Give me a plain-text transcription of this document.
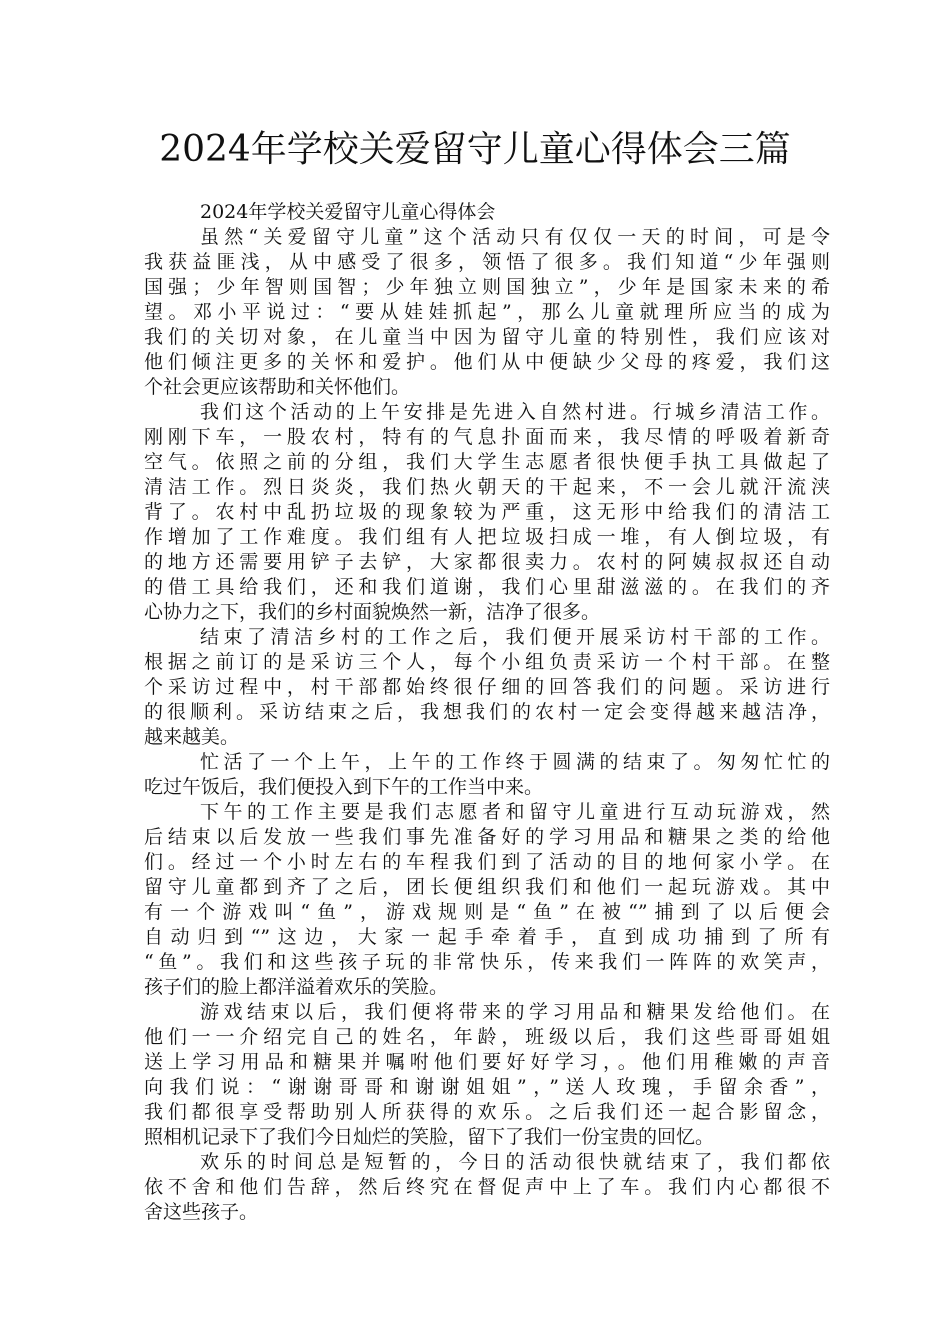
2024年学校关爱留守儿童心得体会三篇

2024年学校关爱留守儿童心得体会

虽然“关爱留守儿童”这个活动只有仅仅一天的时间，可是令
我获益匪浅，从中感受了很多，领悟了很多。我们知道“少年强则
国强；少年智则国智；少年独立则国独立”，少年是国家未来的希
望。邓小平说过：“要从娃娃抓起”，那么儿童就理所应当的成为
我们的关切对象，在儿童当中因为留守儿童的特别性，我们应该对
他们倾注更多的关怀和爱护。他们从中便缺少父母的疼爱，我们这
个社会更应该帮助和关怀他们。

我们这个活动的上午安排是先进入自然村进。行城乡清洁工作。
刚刚下车，一股农村，特有的气息扑面而来，我尽情的呼吸着新奇
空气。依照之前的分组，我们大学生志愿者很快便手执工具做起了
清洁工作。烈日炎炎，我们热火朝天的干起来，不一会儿就汗流浃
背了。农村中乱扔垃圾的现象较为严重，这无形中给我们的清洁工
作增加了工作难度。我们组有人把垃圾扫成一堆，有人倒垃圾，有
的地方还需要用铲子去铲，大家都很卖力。农村的阿姨叔叔还自动
的借工具给我们，还和我们道谢，我们心里甜滋滋的。在我们的齐
心协力之下，我们的乡村面貌焕然一新，洁净了很多。

结束了清洁乡村的工作之后，我们便开展采访村干部的工作。
根据之前订的是采访三个人，每个小组负责采访一个村干部。在整
个采访过程中，村干部都始终很仔细的回答我们的问题。采访进行
的很顺利。采访结束之后，我想我们的农村一定会变得越来越洁净，
越来越美。

忙活了一个上午，上午的工作终于圆满的结束了。匆匆忙忙的
吃过午饭后，我们便投入到下午的工作当中来。

下午的工作主要是我们志愿者和留守儿童进行互动玩游戏，然
后结束以后发放一些我们事先准备好的学习用品和糖果之类的给他
们。经过一个小时左右的车程我们到了活动的目的地何家小学。在
留守儿童都到齐了之后，团长便组织我们和他们一起玩游戏。其中
有一个游戏叫“鱼”，游戏规则是“鱼”在被“”捕到了以后便会
自动归到“”这边，大家一起手牵着手，直到成功捕到了所有
“鱼”。我们和这些孩子玩的非常快乐，传来我们一阵阵的欢笑声，
孩子们的脸上都洋溢着欢乐的笑脸。

游戏结束以后，我们便将带来的学习用品和糖果发给他们。在
他们一一介绍完自己的姓名，年龄，班级以后，我们这些哥哥姐姐
送上学习用品和糖果并嘱咐他们要好好学习，。他们用稚嫩的声音
向我们说：“谢谢哥哥和谢谢姐姐”，”送人玫瑰，手留余香”，
我们都很享受帮助别人所获得的欢乐。之后我们还一起合影留念，
照相机记录下了我们今日灿烂的笑脸，留下了我们一份宝贵的回忆。

欢乐的时间总是短暂的，今日的活动很快就结束了，我们都依
依不舍和他们告辞，然后终究在督促声中上了车。我们内心都很不
舍这些孩子。
